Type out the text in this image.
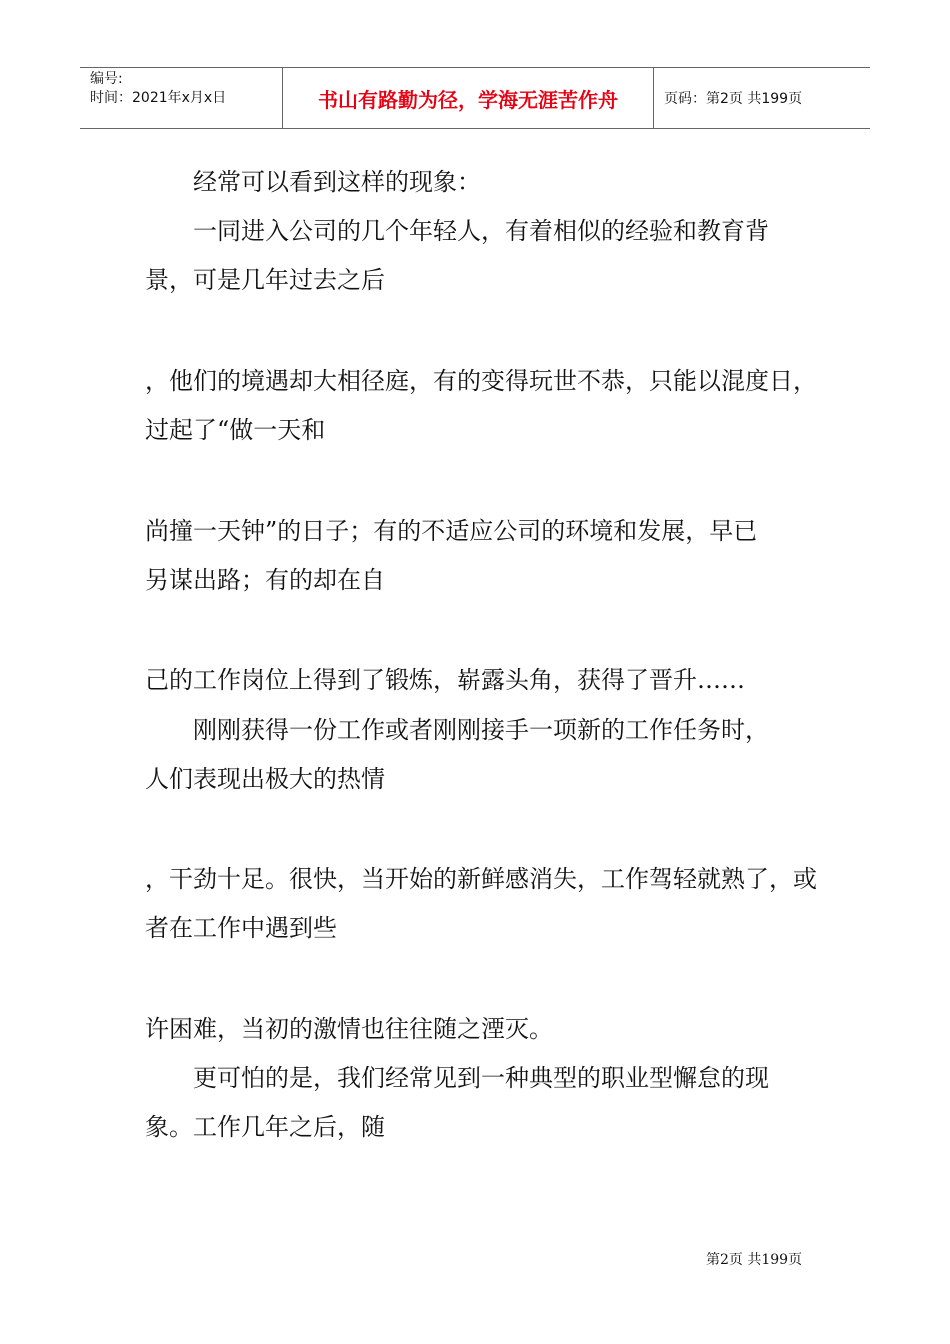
编号:
时间：2021年x月x日	书山有路勤为径，学海无涯苦作舟	页码：第2页 共199页
　　经常可以看到这样的现象：
　　一同进入公司的几个年轻人，有着相似的经验和教育背
景，可是几年过去之后
，他们的境遇却大相径庭，有的变得玩世不恭，只能以混度日，
过起了“做一天和
尚撞一天钟”的日子；有的不适应公司的环境和发展，早已
另谋出路；有的却在自
己的工作岗位上得到了锻炼，崭露头角，获得了晋升……
　　刚刚获得一份工作或者刚刚接手一项新的工作任务时，
人们表现出极大的热情
，干劲十足。很快，当开始的新鲜感消失，工作驾轻就熟了，或
者在工作中遇到些
许困难，当初的激情也往往随之湮灭。
　　更可怕的是，我们经常见到一种典型的职业型懈怠的现
象。工作几年之后，随
第2页 共199页
